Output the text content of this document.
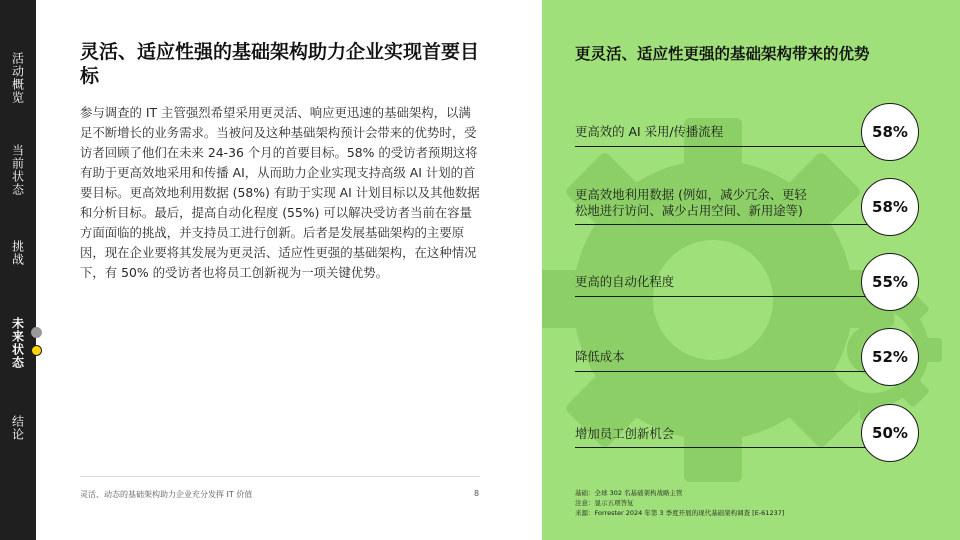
活动概览
当前状态
挑战
未来状态
结论
灵活、适应性强的基础架构助力企业实现首要目标

参与调查的 IT 主管强烈希望采用更灵活、响应更迅速的基础架构，以满足不断增长的业务需求。当被问及这种基础架构预计会带来的优势时，受访者回顾了他们在未来 24-36 个月的首要目标。58% 的受访者预期这将有助于更高效地采用和传播 AI，从而助力企业实现支持高级 AI 计划的首要目标。更高效地利用数据 (58%) 有助于实现 AI 计划目标以及其他数据和分析目标。最后，提高自动化程度 (55%) 可以解决受访者当前在容量方面面临的挑战，并支持员工进行创新。后者是发展基础架构的主要原因，现在企业要将其发展为更灵活、适应性更强的基础架构，在这种情况下，有 50% 的受访者也将员工创新视为一项关键优势。

灵活、动态的基础架构助力企业充分发挥 IT 价值	8
更灵活、适应性更强的基础架构带来的优势
更高效的 AI 采用/传播流程	58%
更高效地利用数据 (例如，减少冗余、更轻松地进行访问、减少占用空间、新用途等)	58%
更高的自动化程度	55%
降低成本	52%
增加员工创新机会	50%
基础：全球 302 名基础架构战略主管
注意：显示五项答复
来源：Forrester 2024 年第 3 季度开展的现代基础架构调查 [E-61237]
